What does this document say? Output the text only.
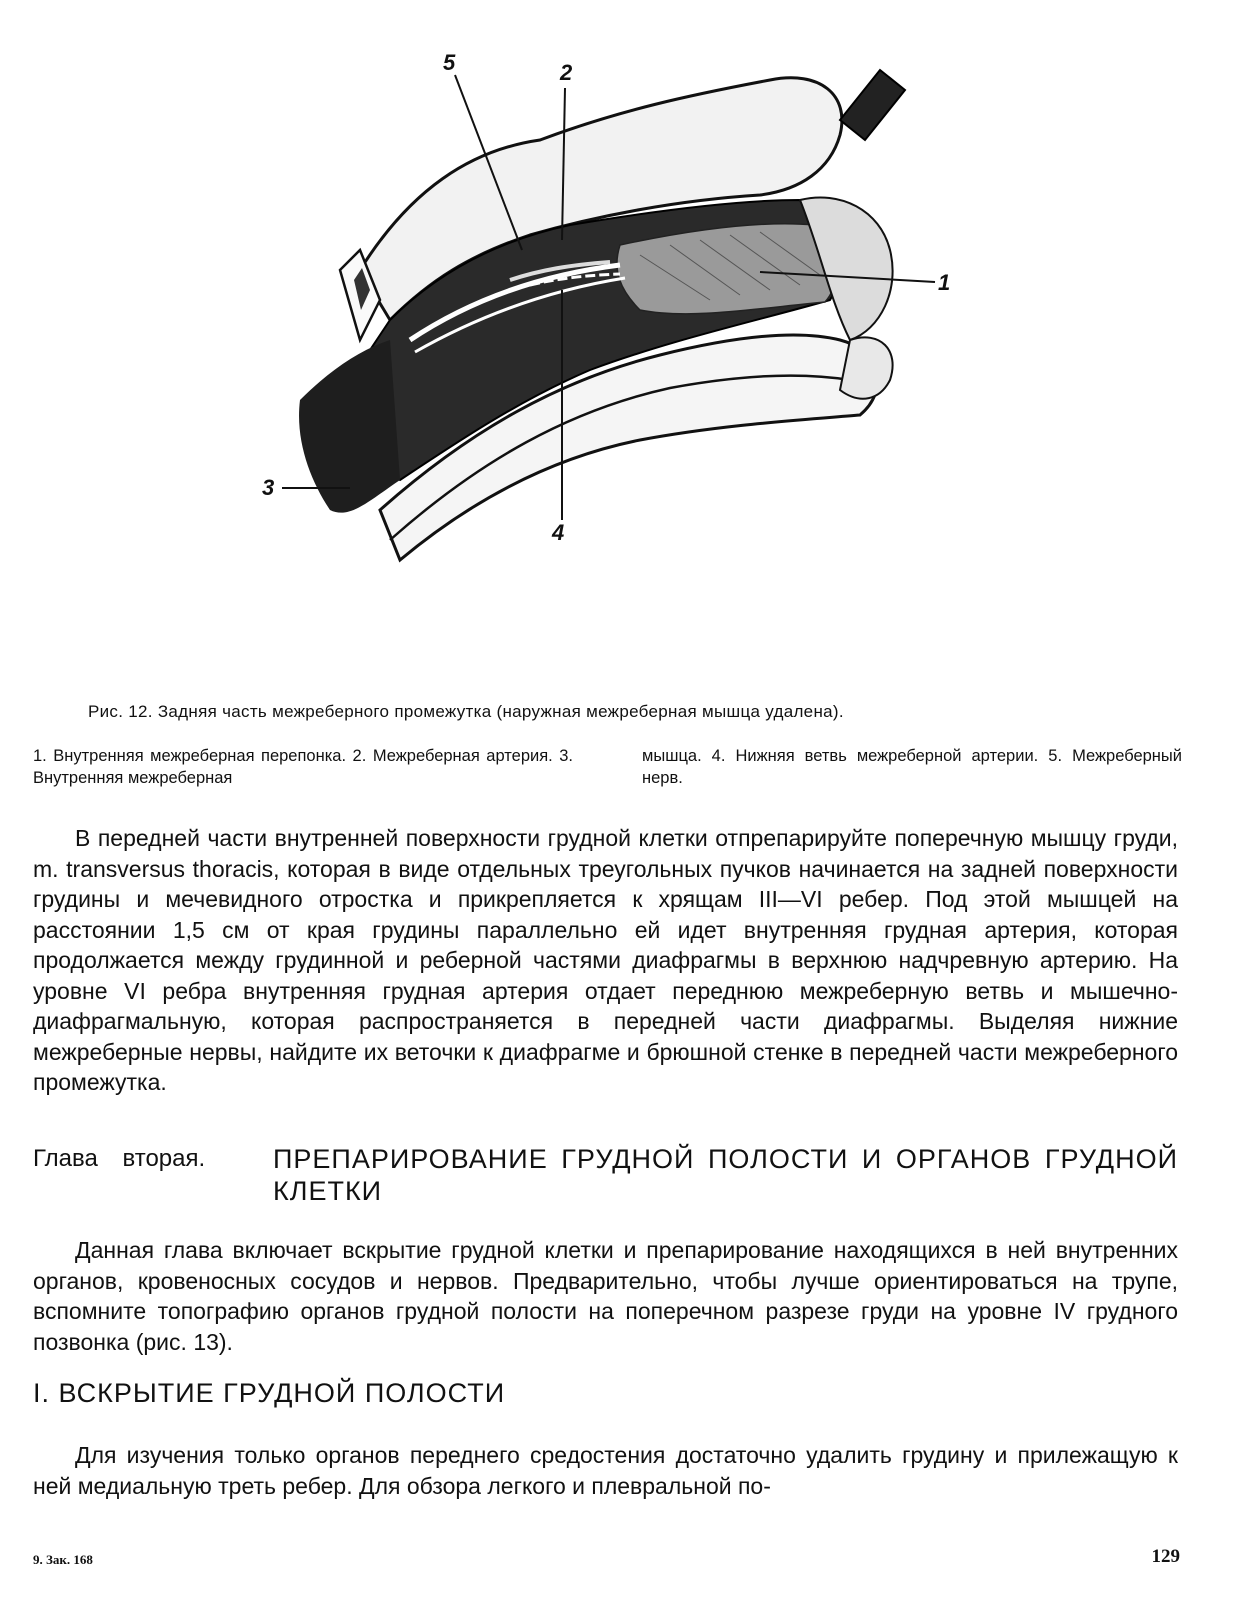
5	2
1
3
4
Рис. 12. Задняя часть межреберного промежутка (наружная межреберная мышца удалена).
1. Внутренняя межреберная перепонка. 2. Межреберная артерия. 3. Внутренняя межреберная
мышца. 4. Нижняя ветвь межреберной артерии. 5. Межреберный нерв.
В передней части внутренней поверхности грудной клетки отпрепарируйте поперечную мышцу груди, m. transversus thoracis, которая в виде отдельных треугольных пучков начинается на задней поверхности грудины и мечевидного отростка и прикрепляется к хрящам III—VI ребер. Под этой мышцей на расстоянии 1,5 см от края грудины параллельно ей идет внутренняя грудная артерия, которая продолжается между грудинной и реберной частями диафрагмы в верхнюю надчревную артерию. На уровне VI ребра внутренняя грудная артерия отдает переднюю межреберную ветвь и мышечно-диафрагмальную, которая распространяется в передней части диафрагмы. Выделяя нижние межреберные нервы, найдите их веточки к диафрагме и брюшной стенке в передней части межреберного промежутка.
Глава вторая.	ПРЕПАРИРОВАНИЕ ГРУДНОЙ ПОЛОСТИ И ОРГАНОВ ГРУДНОЙ КЛЕТКИ
Данная глава включает вскрытие грудной клетки и препарирование находящихся в ней внутренних органов, кровеносных сосудов и нервов. Предварительно, чтобы лучше ориентироваться на трупе, вспомните топографию органов грудной полости на поперечном разрезе груди на уровне IV грудного позвонка (рис. 13).
I. ВСКРЫТИЕ ГРУДНОЙ ПОЛОСТИ
Для изучения только органов переднего средостения достаточно удалить грудину и прилежащую к ней медиальную треть ребер. Для обзора легкого и плевральной по-
9. Зак. 168	129
